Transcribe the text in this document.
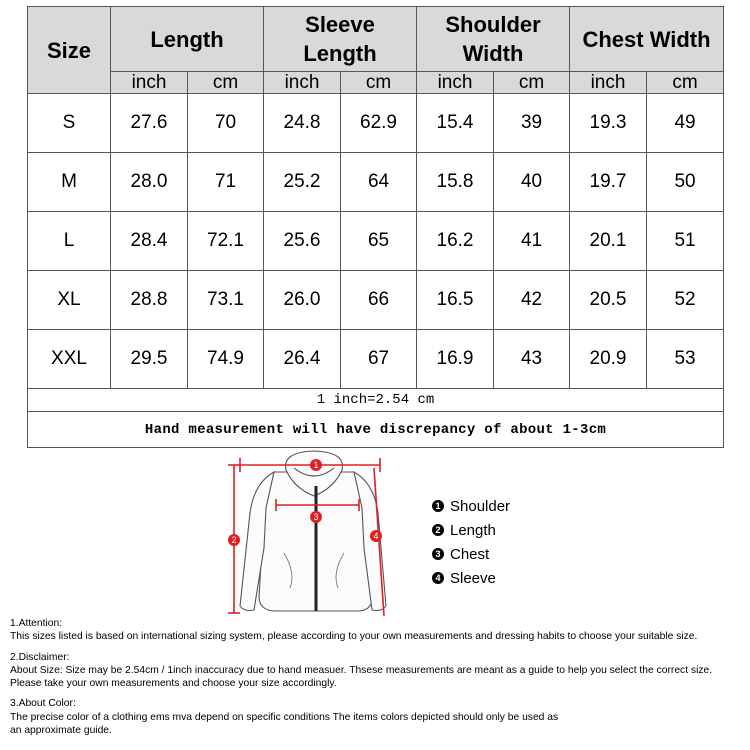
Size	Length		Sleeve Length		Shoulder Width		Chest Width	
	inch	cm	inch	cm	inch	cm	inch	cm
S	27.6	70	24.8	62.9	15.4	39	19.3	49
M	28.0	71	25.2	64	15.8	40	19.7	50
L	28.4	72.1	25.6	65	16.2	41	20.1	51
XL	28.8	73.1	26.0	66	16.5	42	20.5	52
XXL	29.5	74.9	26.4	67	16.9	43	20.9	53
1 inch=2.54 cm								
Hand measurement will have discrepancy of about 1-3cm								
1
2
3
4
1 Shoulder
2 Length
3 Chest
4 Sleeve

1.Attention:

This sizes listed is based on international sizing system, please according to your own measurements and dressing habits to choose your suitable size.

2.Disclaimer:

About Size: Size may be 2.54cm / 1inch inaccuracy due to hand measuer. Thsese measurements are meant as a guide to help you select the correct size.

Please take your own measurements and choose your size accordingly.

3.About Color:

The precise color of a clothing ems mva depend on specific conditions The items colors depicted should only be used as

an approximate guide.
